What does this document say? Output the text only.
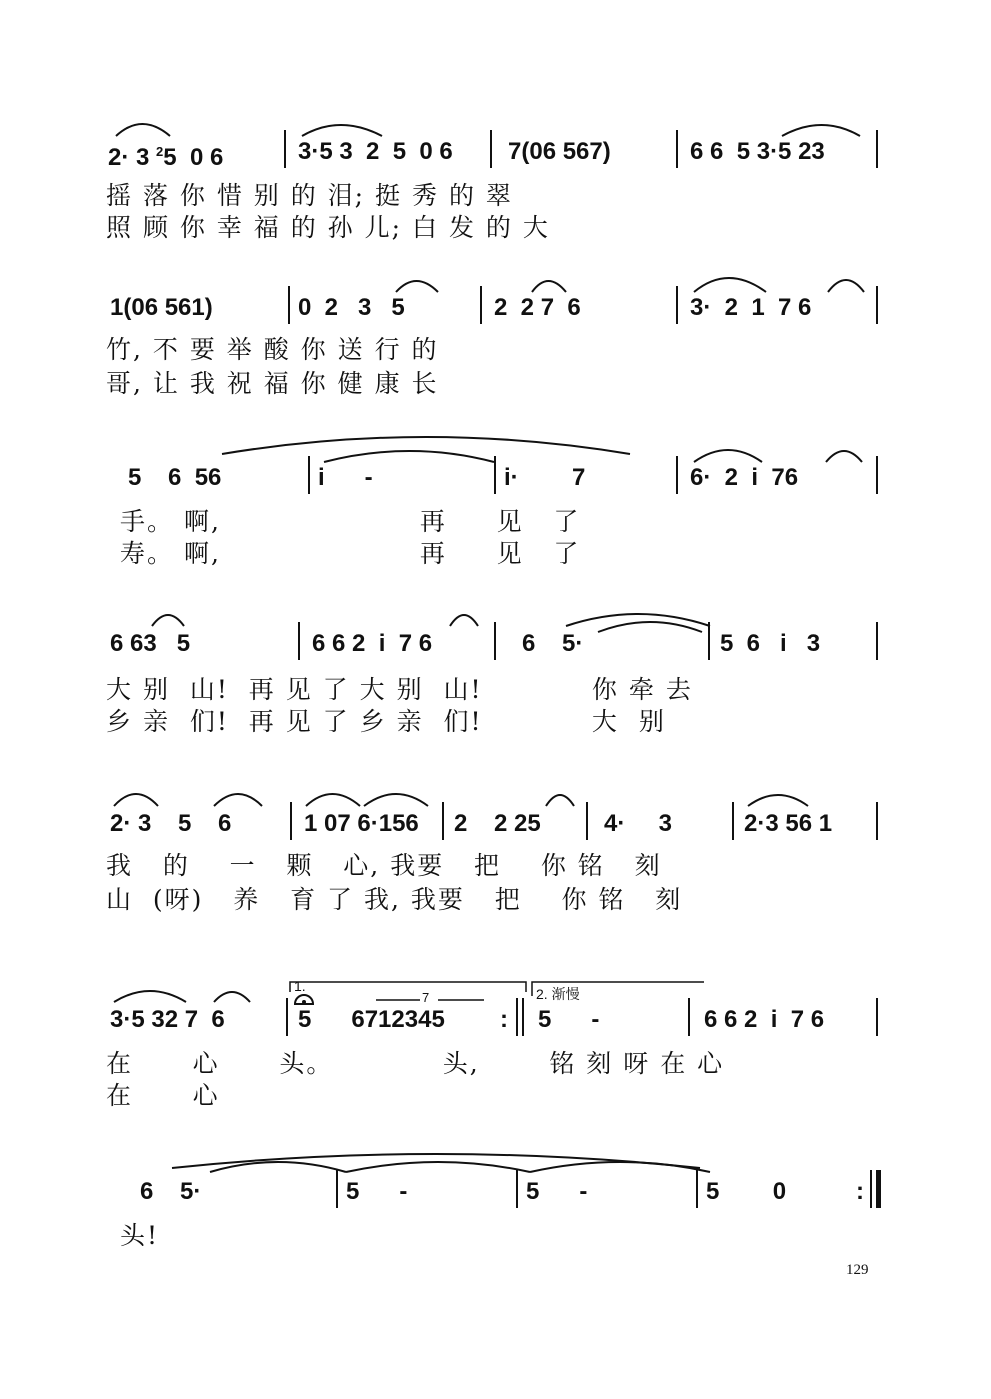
2· 3 $^2$5  0 6	3·5 3  2  5  0 6 7(06 567)	6 6  5 3·5 23
摇 落 你 惜 别 的 泪; 挺 秀 的 翠
照 顾 你 幸 福 的 孙 儿; 白 发 的 大
1(06 561)	0  2   3   5	2  2 7  6	3·  2  1  7 6
竹, 不 要 举 酸 你 送 行 的
哥, 让 我 祝 福 你 健 康 长
5    6  56	i      -	i·        7	6·  2  i  76
手。 啊,                    再     见   了
寿。 啊,                    再     见   了
6 63   5	6 6 2  i  7 6	6    5·	5  6   i   3
大 别  山!  再 见 了 大 别  山!           你 牵 去
乡 亲  们!  再 见 了 乡 亲  们!           大  别
2· 3    5    6	1 07 6·156 2    2 25	4·     3	2·3 56 1
我   的    一   颗   心, 我要   把    你 铭   刻
山  (呀)   养   育 了 我, 我要   把    你 铭   刻
3·5 32 7  6	5      6712345 : 5      -	6 6 2  i  7 6
1.	2. 渐慢
7
在      心      头。           头,       铭 刻 呀 在 心
在      心
6    5·	5      -	5      -	5        0	:
头!
129
